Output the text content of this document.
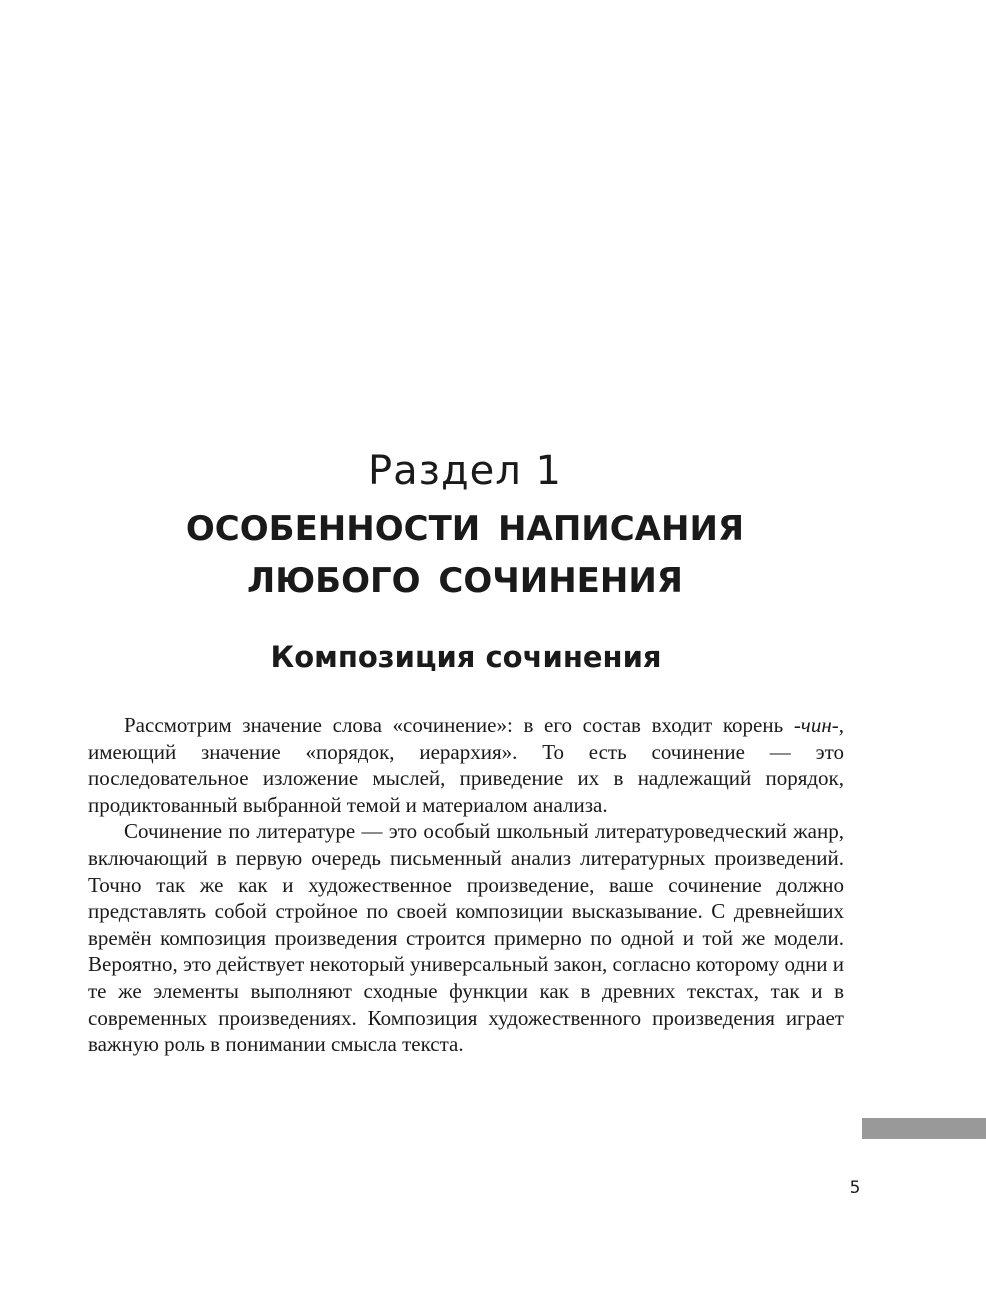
Раздел 1
ОСОБЕННОСТИ НАПИСАНИЯ
ЛЮБОГО СОЧИНЕНИЯ
Композиция сочинения

Рассмотрим значение слова «сочинение»: в его состав входит корень -чин-, имеющий значение «порядок, иерархия». То есть сочинение — это последовательное изложение мыслей, приведение их в надлежащий порядок, продиктованный выбранной темой и материалом анализа.

Сочинение по литературе — это особый школьный литературоведческий жанр, включающий в первую очередь письменный анализ литературных произведений. Точно так же как и художественное произведение, ваше сочинение должно представлять собой стройное по своей композиции высказывание. С древнейших времён композиция произведения строится примерно по одной и той же модели. Вероятно, это действует некоторый универсальный закон, согласно которому одни и те же элементы выполняют сходные функции как в древних текстах, так и в современных произведениях. Композиция художественного произведения играет важную роль в понимании смысла текста.

5
